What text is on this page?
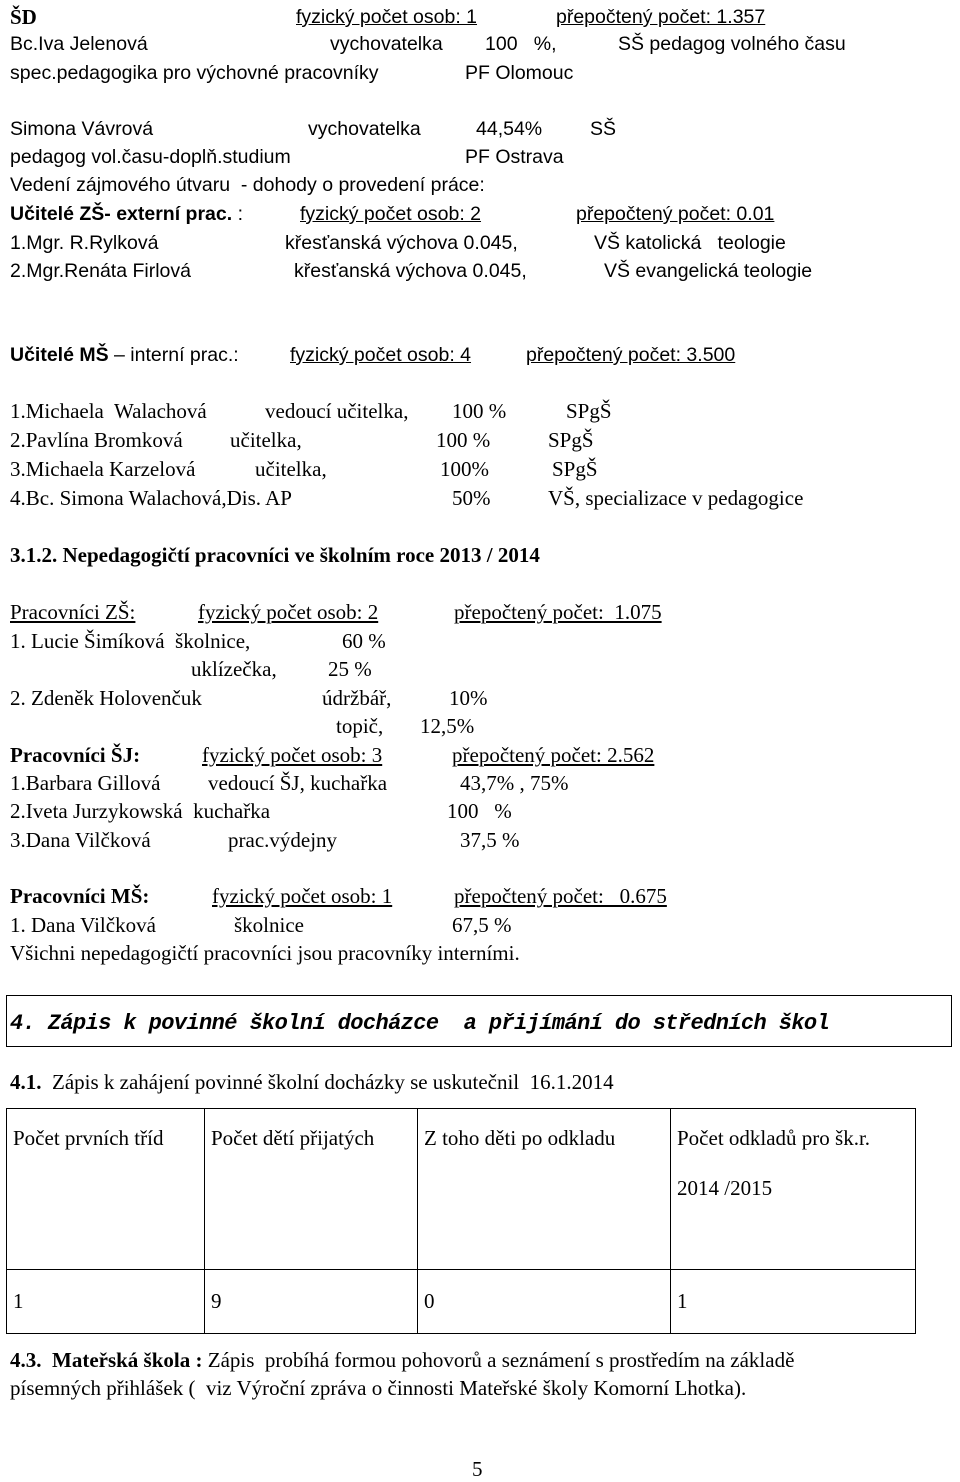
ŠD	fyzický počet osob: 1	přepočtený počet: 1.357
Bc.Iva Jelenová	vychovatelka 100   %,	SŠ pedagog volného času
spec.pedagogika pro výchovné pracovníky	PF Olomouc
Simona Vávrová	vychovatelka	44,54% SŠ
pedagog vol.času-doplň.studium	PF Ostrava
Vedení zájmového útvaru  - dohody o provedení práce:
Učitelé ZŠ- externí prac. :	fyzický počet osob: 2	přepočtený počet: 0.01
1.Mgr. R.Rylková	křesťanská výchova 0.045,	VŠ katolická   teologie
2.Mgr.Renáta Firlová	křesťanská výchova 0.045,	VŠ evangelická teologie
Učitelé MŠ – interní prac.: fyzický počet osob: 4	přepočtený počet: 3.500
1.Michaela  Walachová	vedoucí učitelka, 100 %	SPgŠ
2.Pavlína Bromková učitelka,	100 %	SPgŠ
3.Michaela Karzelová	učitelka,	100%	SPgŠ
4.Bc. Simona Walachová,Dis. AP	50%	VŠ, specializace v pedagogice
3.1.2. Nepedagogičtí pracovníci ve školním roce 2013 / 2014
Pracovníci ZŠ:	fyzický počet osob: 2	přepočtený počet:  1.075
1. Lucie Šimíková  školnice,	60 %
uklízečka, 25 %
2. Zdeněk Holovenčuk	údržbář,	10%
topič, 12,5%
Pracovníci ŠJ:	fyzický počet osob: 3	přepočtený počet: 2.562
1.Barbara Gillová vedoucí ŠJ, kuchařka	43,7% , 75%
2.Iveta Jurzykowská  kuchařka	100   %
3.Dana Vilčková	prac.výdejny	37,5 %
Pracovníci MŠ:	fyzický počet osob: 1	přepočtený počet:   0.675
1. Dana Vilčková	školnice	67,5 %
Všichni nepedagogičtí pracovníci jsou pracovníky interními.
4. Zápis k povinné školní docházce  a přijímání do středních škol
4.1.  Zápis k zahájení povinné školní docházky se uskutečnil  16.1.2014
Počet prvních tříd	Počet dětí přijatých	Z toho děti po odkladu	Počet odkladů pro šk.r.
2014 /2015

1	9	0	1
4.3.  Mateřská škola : Zápis  probíhá formou pohovorů a seznámení s prostředím na základě
písemných přihlášek (  viz Výroční zpráva o činnosti Mateřské školy Komorní Lhotka).
5
